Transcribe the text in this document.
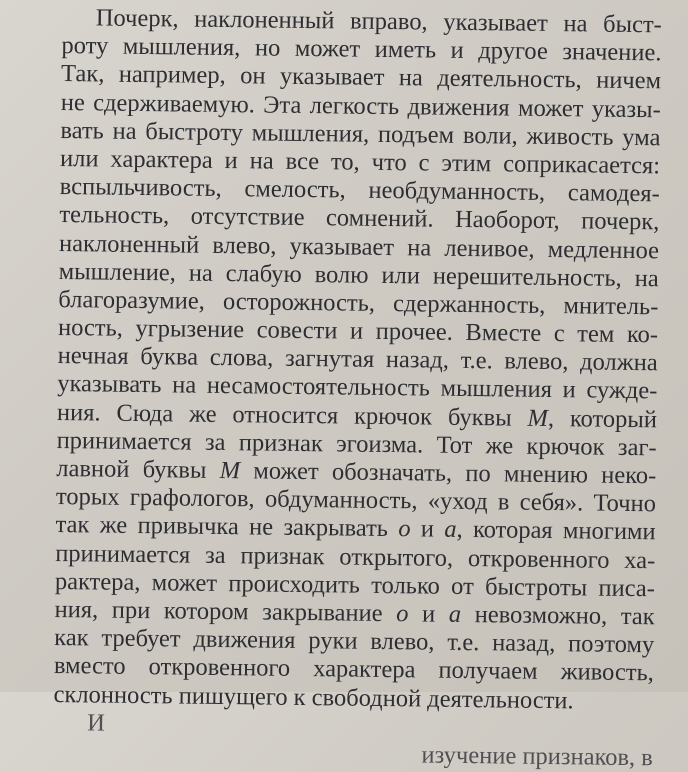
Почерк, наклоненный вправо, указывает на быст-
роту мышления, но может иметь и другое значение.
Так, например, он указывает на деятельность, ничем
не сдерживаемую. Эта легкость движения может указы-
вать на быстроту мышления, подъем воли, живость ума
или характера и на все то, что с этим соприкасается:
вспыльчивость, смелость, необдуманность, самодея-
тельность, отсутствие сомнений. Наоборот, почерк,
наклоненный влево, указывает на ленивое, медленное
мышление, на слабую волю или нерешительность, на
благоразумие, осторожность, сдержанность, мнитель-
ность, угрызение совести и прочее. Вместе с тем ко-
нечная буква слова, загнутая назад, т.е. влево, должна
указывать на несамостоятельность мышления и сужде-
ния. Сюда же относится крючок буквы М, который
принимается за признак эгоизма. Тот же крючок заг-
лавной буквы М может обозначать, по мнению неко-
торых графологов, обдуманность, «уход в себя». Точно
так же привычка не закрывать о и а, которая многими
принимается за признак открытого, откровенного ха-
рактера, может происходить только от быстроты писа-
ния, при котором закрывание о и а невозможно, так
как требует движения руки влево, т.е. назад, поэтому
вместо откровенного характера получаем живость,
склонность пишущего к свободной деятельности.
И
изучение признаков, в
